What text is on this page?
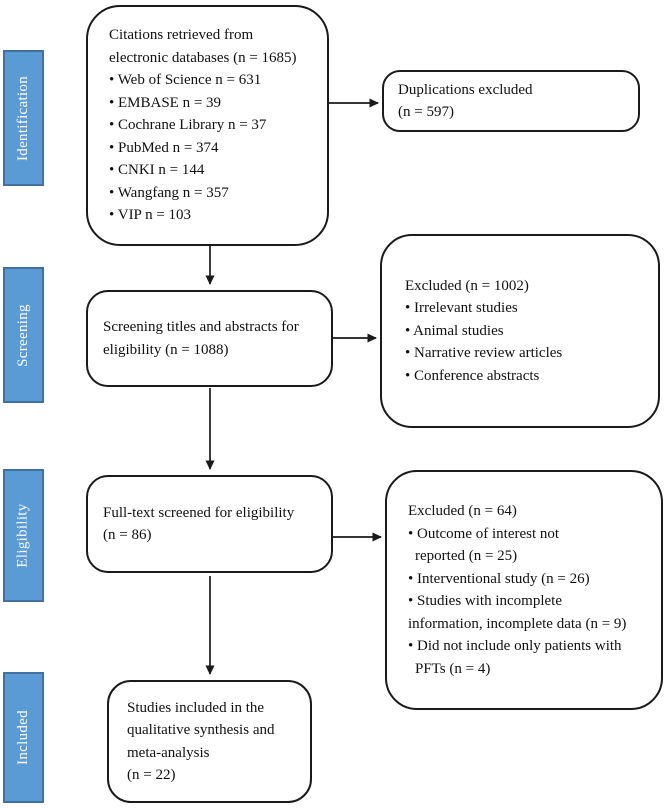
Identification
Screening
Eligibility
Included
Citations retrieved from
electronic databases (n = 1685)
• Web of Science n = 631
• EMBASE n = 39
• Cochrane Library n = 37
• PubMed n = 374
• CNKI n = 144
• Wangfang n = 357
• VIP n = 103
Duplications excluded
(n = 597)
Screening titles and abstracts for
eligibility (n = 1088)
Excluded (n = 1002)
• Irrelevant studies
• Animal studies
• Narrative review articles
• Conference abstracts
Full-text screened for eligibility
(n = 86)
Excluded (n = 64)
• Outcome of interest not
reported (n = 25)
• Interventional study (n = 26)
• Studies with incomplete
information, incomplete data (n = 9)
• Did not include only patients with
PFTs (n = 4)
Studies included in the
qualitative synthesis and
meta-analysis
(n = 22)
